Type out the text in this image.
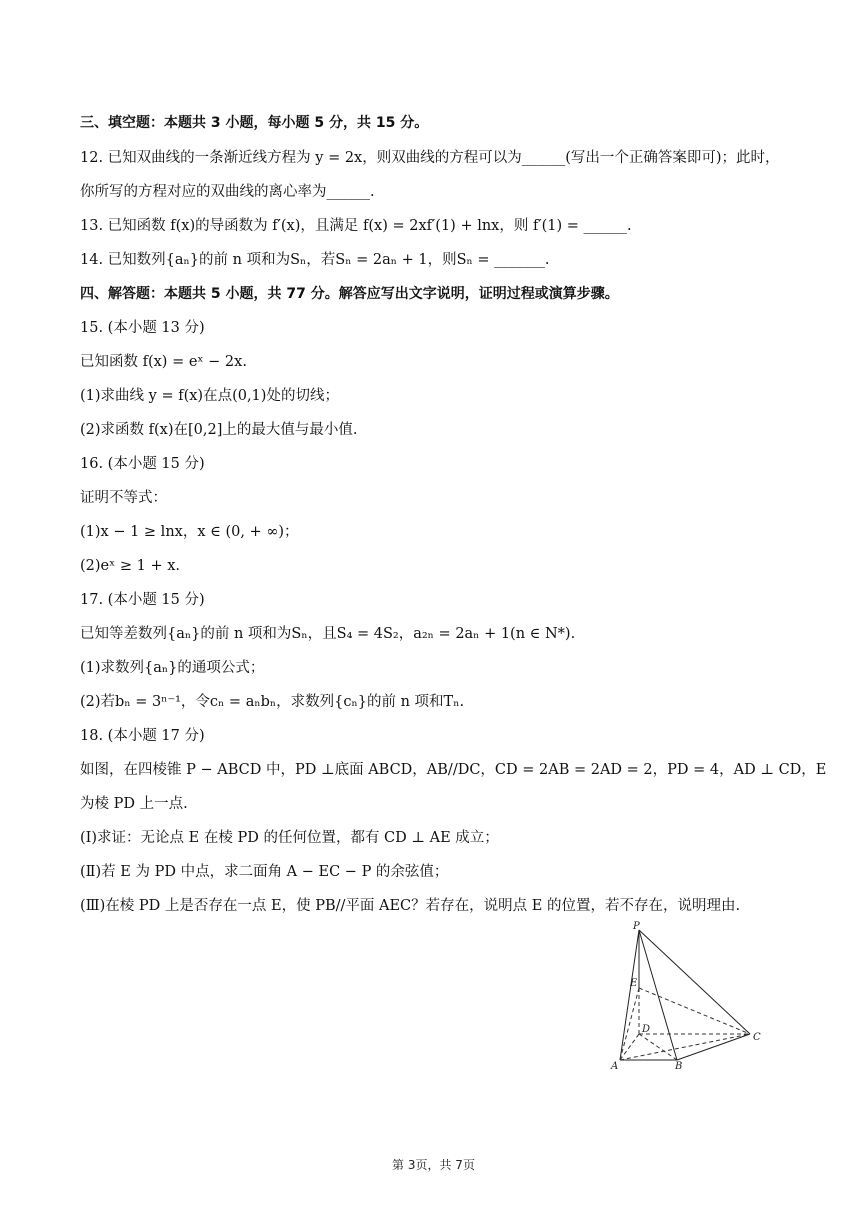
三、填空题：本题共 3 小题，每小题 5 分，共 15 分。
12. 已知双曲线的一条渐近线方程为 y = 2x，则双曲线的方程可以为______(写出一个正确答案即可)；此时，
你所写的方程对应的双曲线的离心率为______.
13. 已知函数 f(x)的导函数为 f′(x)，且满足 f(x) = 2xf′(1) + lnx，则 f′(1) = ______.
14. 已知数列{aₙ}的前 n 项和为Sₙ，若Sₙ = 2aₙ + 1，则Sₙ = _______.
四、解答题：本题共 5 小题，共 77 分。解答应写出文字说明，证明过程或演算步骤。
15. (本小题 13 分)
已知函数 f(x) = eˣ − 2x.
(1)求曲线 y = f(x)在点(0,1)处的切线；
(2)求函数 f(x)在[0,2]上的最大值与最小值.
16. (本小题 15 分)
证明不等式：
(1)x − 1 ≥ lnx，x ∈ (0, + ∞)；
(2)eˣ ≥ 1 + x.
17. (本小题 15 分)
已知等差数列{aₙ}的前 n 项和为Sₙ，且S₄ = 4S₂，a₂ₙ = 2aₙ + 1(n ∈ N*).
(1)求数列{aₙ}的通项公式；
(2)若bₙ = 3ⁿ⁻¹，令cₙ = aₙbₙ，求数列{cₙ}的前 n 项和Tₙ.
18. (本小题 17 分)
如图，在四棱锥 P − ABCD 中，PD ⊥底面 ABCD，AB//DC，CD = 2AB = 2AD = 2，PD = 4，AD ⊥ CD，E
为棱 PD 上一点.
(Ⅰ)求证：无论点 E 在棱 PD 的任何位置，都有 CD ⊥ AE 成立；
(Ⅱ)若 E 为 PD 中点，求二面角 A − EC − P 的余弦值；
(Ⅲ)在棱 PD 上是否存在一点 E，使 PB//平面 AEC？若存在，说明点 E 的位置，若不存在，说明理由.
P
E
D
C
A	B
第 3页，共 7页
